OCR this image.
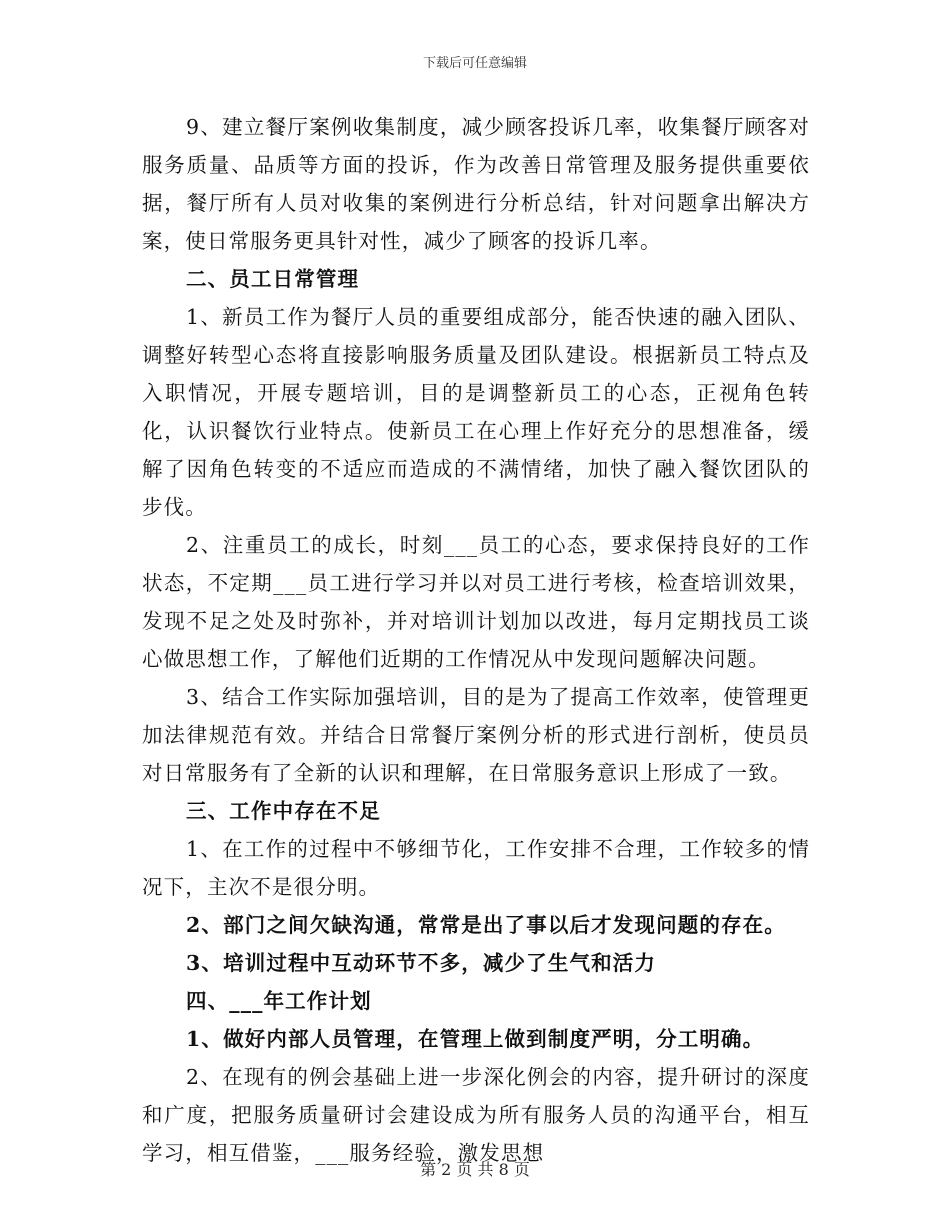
下载后可任意编辑

9、建立餐厅案例收集制度，减少顾客投诉几率，收集餐厅顾客对服务质量、品质等方面的投诉，作为改善日常管理及服务提供重要依据，餐厅所有人员对收集的案例进行分析总结，针对问题拿出解决方案，使日常服务更具针对性，减少了顾客的投诉几率。

二、员工日常管理

1、新员工作为餐厅人员的重要组成部分，能否快速的融入团队、调整好转型心态将直接影响服务质量及团队建设。根据新员工特点及入职情况，开展专题培训，目的是调整新员工的心态，正视角色转化，认识餐饮行业特点。使新员工在心理上作好充分的思想准备，缓解了因角色转变的不适应而造成的不满情绪，加快了融入餐饮团队的步伐。

2、注重员工的成长，时刻___员工的心态，要求保持良好的工作状态，不定期___员工进行学习并以对员工进行考核，检查培训效果，发现不足之处及时弥补，并对培训计划加以改进，每月定期找员工谈心做思想工作，了解他们近期的工作情况从中发现问题解决问题。

3、结合工作实际加强培训，目的是为了提高工作效率，使管理更加法律规范有效。并结合日常餐厅案例分析的形式进行剖析，使员员对日常服务有了全新的认识和理解，在日常服务意识上形成了一致。

三、工作中存在不足

1、在工作的过程中不够细节化，工作安排不合理，工作较多的情况下，主次不是很分明。

2、部门之间欠缺沟通，常常是出了事以后才发现问题的存在。

3、培训过程中互动环节不多，减少了生气和活力

四、___年工作计划

1、做好内部人员管理，在管理上做到制度严明，分工明确。

2、在现有的例会基础上进一步深化例会的内容，提升研讨的深度和广度，把服务质量研讨会建设成为所有服务人员的沟通平台，相互学习，相互借鉴，___服务经验，激发思想

第 2 页 共 8 页
